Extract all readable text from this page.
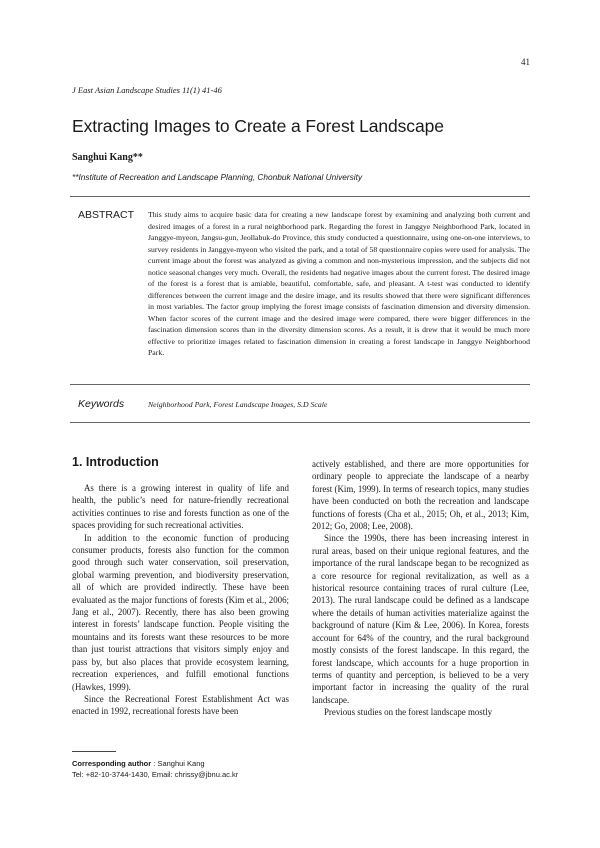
41
J East Asian Landscape Studies 11(1) 41-46
Extracting Images to Create a Forest Landscape
Sanghui Kang**
**Institute of Recreation and Landscape Planning, Chonbuk National University
ABSTRACT This study aims to acquire basic data for creating a new landscape forest by examining and analyzing both current and desired images of a forest in a rural neighborhood park. Regarding the forest in Janggye Neighborhood Park, located in Janggye-myeon, Jangsu-gun, Jeollabuk-do Province, this study conducted a questionnaire, using one-on-one interviews, to survey residents in Janggye-myeon who visited the park, and a total of 58 questionnaire copies were used for analysis. The current image about the forest was analyzed as giving a common and non-mysterious impression, and the subjects did not notice seasonal changes very much. Overall, the residents had negative images about the current forest. The desired image of the forest is a forest that is amiable, beautiful, comfortable, safe, and pleasant. A t-test was conducted to identify differences between the current image and the desire image, and its results showed that there were significant differences in most variables. The factor group implying the forest image consists of fascination dimension and diversity dimension. When factor scores of the current image and the desired image were compared, there were bigger differences in the fascination dimension scores than in the diversity dimension scores. As a result, it is drew that it would be much more effective to prioritize images related to fascination dimension in creating a forest landscape in Janggye Neighborhood Park.

Keywords	Neighborhood Park, Forest Landscape Images, S.D Scale
1. Introduction

As there is a growing interest in quality of life and health, the public’s need for nature-friendly recreational activities continues to rise and forests function as one of the spaces providing for such recreational activities.

In addition to the economic function of producing consumer products, forests also function for the common good through such water conservation, soil preservation, global warming prevention, and biodiversity preservation, all of which are provided indirectly. These have been evaluated as the major functions of forests (Kim et al., 2006; Jang et al., 2007). Recently, there has also been growing interest in forests’ landscape function. People visiting the mountains and its forests want these resources to be more than just tourist attractions that visitors simply enjoy and pass by, but also places that provide ecosystem learning, recreation experiences, and fulfill emotional functions (Hawkes, 1999).

Since the Recreational Forest Establishment Act was enacted in 1992, recreational forests have been

actively established, and there are more opportunities for ordinary people to appreciate the landscape of a nearby forest (Kim, 1999). In terms of research topics, many studies have been conducted on both the recreation and landscape functions of forests (Cha et al., 2015; Oh, et al., 2013; Kim, 2012; Go, 2008; Lee, 2008).

Since the 1990s, there has been increasing interest in rural areas, based on their unique regional features, and the importance of the rural landscape began to be recognized as a core resource for regional revitalization, as well as a historical resource containing traces of rural culture (Lee, 2013). The rural landscape could be defined as a landscape where the details of human activities materialize against the background of nature (Kim & Lee, 2006). In Korea, forests account for 64% of the country, and the rural background mostly consists of the forest landscape. In this regard, the forest landscape, which accounts for a huge proportion in terms of quantity and perception, is believed to be a very important factor in increasing the quality of the rural landscape.

Previous studies on the forest landscape mostly

Corresponding author : Sanghui Kang
Tel: +82-10-3744-1430, Email: chrissy@jbnu.ac.kr
